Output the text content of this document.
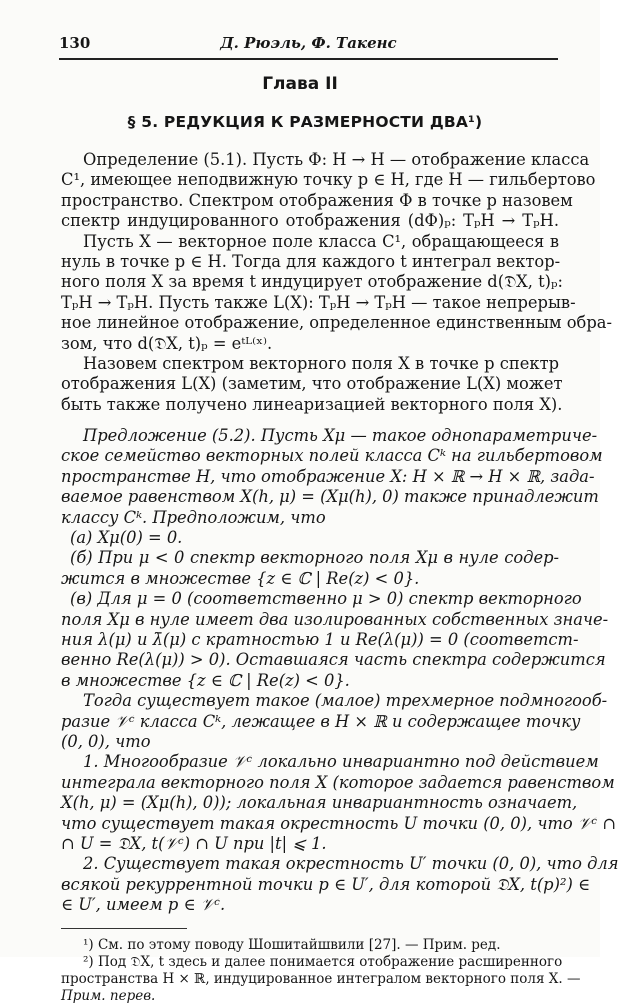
130	Д. Рюэль, Ф. Такенс
Глава II
§ 5. РЕДУКЦИЯ К РАЗМЕРНОСТИ ДВА¹)
Определение (5.1). Пусть Φ: H → H — отображение класса
C¹, имеющее неподвижную точку p ∈ H, где H — гильбертово
пространство. Спектром отображения Φ в точке p назовем
спектр индуцированного отображения (dΦ)ₚ: TₚH → TₚH.
Пусть X — векторное поле класса C¹, обращающееся в
нуль в точке p ∈ H. Тогда для каждого t интеграл вектор-
ного поля X за время t индуцирует отображение d(𝔇X, t)ₚ:
TₚH → TₚH. Пусть также L(X): TₚH → TₚH — такое непрерыв-
ное линейное отображение, определенное единственным обра-
зом, что d(𝔇X, t)ₚ = eᵗᴸ⁽ˣ⁾.
Назовем спектром векторного поля X в точке p спектр
отображения L(X) (заметим, что отображение L(X) может
быть также получено линеаризацией векторного поля X).
Предложение (5.2). Пусть Xμ — такое однопараметриче-
ское семейство векторных полей класса Cᵏ на гильбертовом
пространстве H, что отображение X: H × ℝ → H × ℝ, зада-
ваемое равенством X(h, μ) = (Xμ(h), 0) также принадлежит
классу Cᵏ. Предположим, что
(а) Xμ(0) = 0.
(б) При μ < 0 спектр векторного поля Xμ в нуле содер-
жится в множестве {z ∈ ℂ | Re(z) < 0}.
(в) Для μ = 0 (соответственно μ > 0) спектр векторного
поля Xμ в нуле имеет два изолированных собственных значе-
ния λ(μ) и λ̄(μ) с кратностью 1 и Re(λ(μ)) = 0 (соответст-
венно Re(λ(μ)) > 0). Оставшаяся часть спектра содержится
в множестве {z ∈ ℂ | Re(z) < 0}.
Тогда существует такое (малое) трехмерное подмногооб-
разие 𝒱ᶜ класса Cᵏ, лежащее в H × ℝ и содержащее точку
(0, 0), что
1. Многообразие 𝒱ᶜ локально инвариантно под действием
интеграла векторного поля X (которое задается равенством
X(h, μ) = (Xμ(h), 0)); локальная инвариантность означает,
что существует такая окрестность U точки (0, 0), что 𝒱ᶜ ∩
∩ U = 𝔇X, t(𝒱ᶜ) ∩ U при |t| ⩽ 1.
2. Существует такая окрестность U′ точки (0, 0), что для
всякой рекуррентной точки p ∈ U′, для которой 𝔇X, t(p)²) ∈
∈ U′, имеем p ∈ 𝒱ᶜ.
¹) См. по этому поводу Шошитайшвили [27]. — Прим. ред.
²) Под 𝔇X, t здесь и далее понимается отображение расширенного
пространства H × ℝ, индуцированное интегралом векторного поля X. —
Прим. перев.
